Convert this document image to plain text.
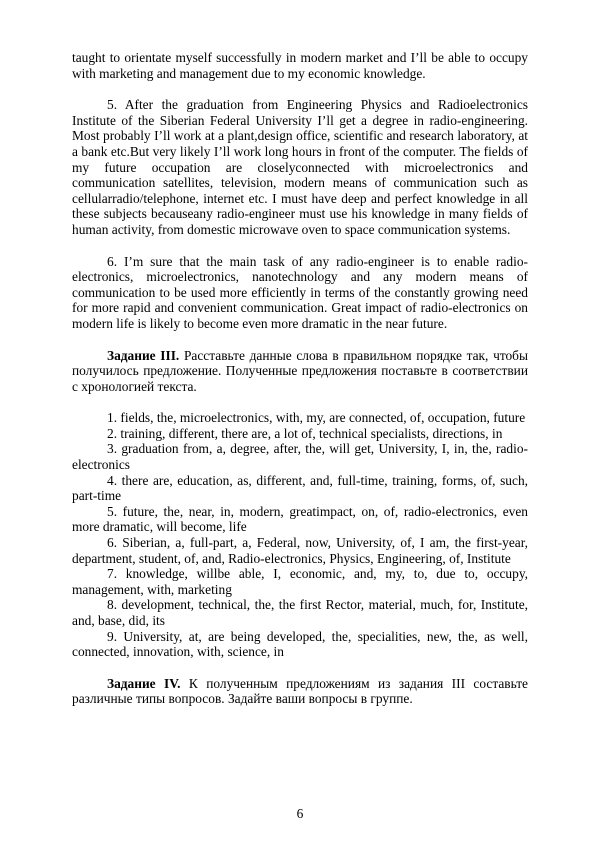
taught to orientate myself successfully in modern market and I’ll be able to occupy with marketing and management due to my economic knowledge.

5. After the graduation from Engineering Physics and Radioelectronics Institute of the Siberian Federal University I’ll get a degree in radio-engineering. Most probably I’ll work at a plant,design office, scientific and research laboratory, at a bank etc.But very likely I’ll work long hours in front of the computer. The fields of my future occupation are closelyconnected with microelectronics and communication satellites, television, modern means of communication such as cellularradio/telephone, internet etc. I must have deep and perfect knowledge in all these subjects becauseany radio-engineer must use his knowledge in many fields of human activity, from domestic microwave oven to space communication systems.

6. I’m sure that the main task of any radio-engineer is to enable radio-electronics, microelectronics, nanotechnology and any modern means of communication to be used more efficiently in terms of the constantly growing need for more rapid and convenient communication. Great impact of radio-electronics on modern life is likely to become even more dramatic in the near future.

Задание III. Расставьте данные слова в правильном порядке так, чтобы получилось предложение. Полученные предложения поставьте в соответствии с хронологией текста.

1. fields, the, microelectronics, with, my, are connected, of, occupation, future

2. training, different, there are, a lot of, technical specialists, directions, in

3. graduation from, a, degree, after, the, will get, University, I, in, the, radio-electronics

4. there are, education, as, different, and, full-time, training, forms, of, such, part-time

5. future, the, near, in, modern, greatimpact, on, of, radio-electronics, even more dramatic, will become, life

6. Siberian, a, full-part, a, Federal, now, University, of, I am, the first-year, department, student, of, and, Radio-electronics, Physics, Engineering, of, Institute

7. knowledge, willbe able, I, economic, and, my, to, due to, occupy, management, with, marketing

8. development, technical, the, the first Rector, material, much, for, Institute, and, base, did, its

9. University, at, are being developed, the, specialities, new, the, as well, connected, innovation, with, science, in

Задание IV. К полученным предложениям из задания III составьте различные типы вопросов. Задайте ваши вопросы в группе.

6
